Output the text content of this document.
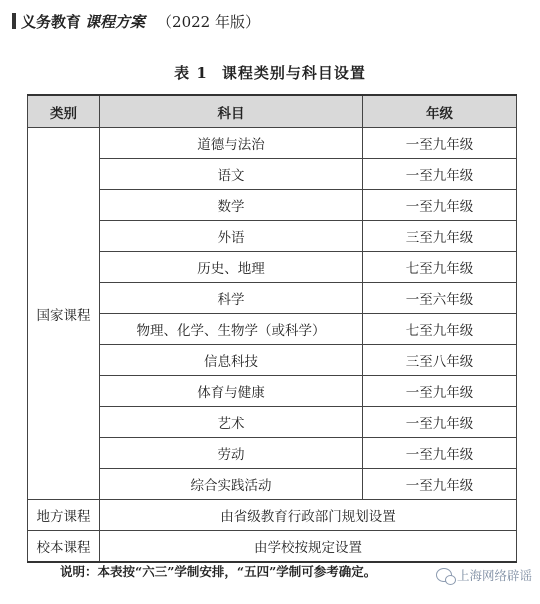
义务教育 课程方案 （2022 年版）
表 1 课程类别与科目设置
类别	科目	年级
国家课程	道德与法治	一至九年级
	语文	一至九年级
	数学	一至九年级
	外语	三至九年级
	历史、地理	七至九年级
	科学	一至六年级
	物理、化学、生物学（或科学）	七至九年级
	信息科技	三至八年级
	体育与健康	一至九年级
	艺术	一至九年级
	劳动	一至九年级
	综合实践活动	一至九年级
地方课程	由省级教育行政部门规划设置	
校本课程	由学校按规定设置	
说明：本表按“六三”学制安排，“五四”学制可参考确定。	上海网络辟谣
